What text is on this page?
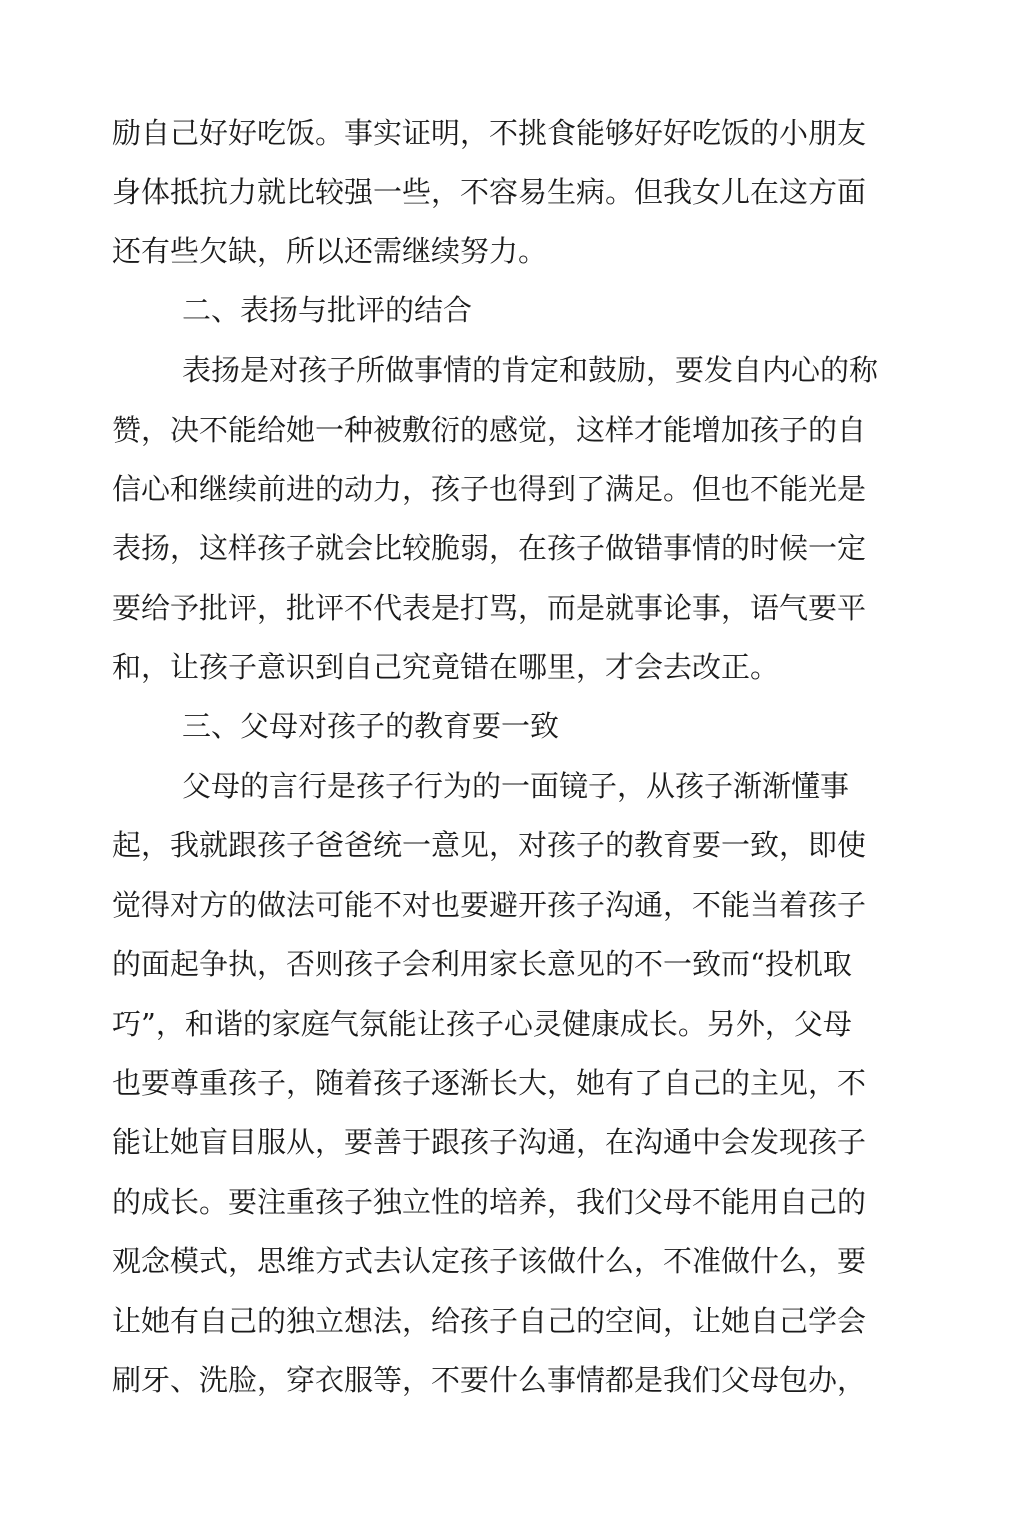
励自己好好吃饭。事实证明，不挑食能够好好吃饭的小朋友

身体抵抗力就比较强一些，不容易生病。但我女儿在这方面

还有些欠缺，所以还需继续努力。

二、表扬与批评的结合

表扬是对孩子所做事情的肯定和鼓励，要发自内心的称

赞，决不能给她一种被敷衍的感觉，这样才能增加孩子的自

信心和继续前进的动力，孩子也得到了满足。但也不能光是

表扬，这样孩子就会比较脆弱，在孩子做错事情的时候一定

要给予批评，批评不代表是打骂，而是就事论事，语气要平

和，让孩子意识到自己究竟错在哪里，才会去改正。

三、父母对孩子的教育要一致

父母的言行是孩子行为的一面镜子，从孩子渐渐懂事

起，我就跟孩子爸爸统一意见，对孩子的教育要一致，即使

觉得对方的做法可能不对也要避开孩子沟通，不能当着孩子

的面起争执，否则孩子会利用家长意见的不一致而“投机取

巧”，和谐的家庭气氛能让孩子心灵健康成长。另外，父母

也要尊重孩子，随着孩子逐渐长大，她有了自己的主见，不

能让她盲目服从，要善于跟孩子沟通，在沟通中会发现孩子

的成长。要注重孩子独立性的培养，我们父母不能用自己的

观念模式，思维方式去认定孩子该做什么，不准做什么，要

让她有自己的独立想法，给孩子自己的空间，让她自己学会

刷牙、洗脸，穿衣服等，不要什么事情都是我们父母包办，
